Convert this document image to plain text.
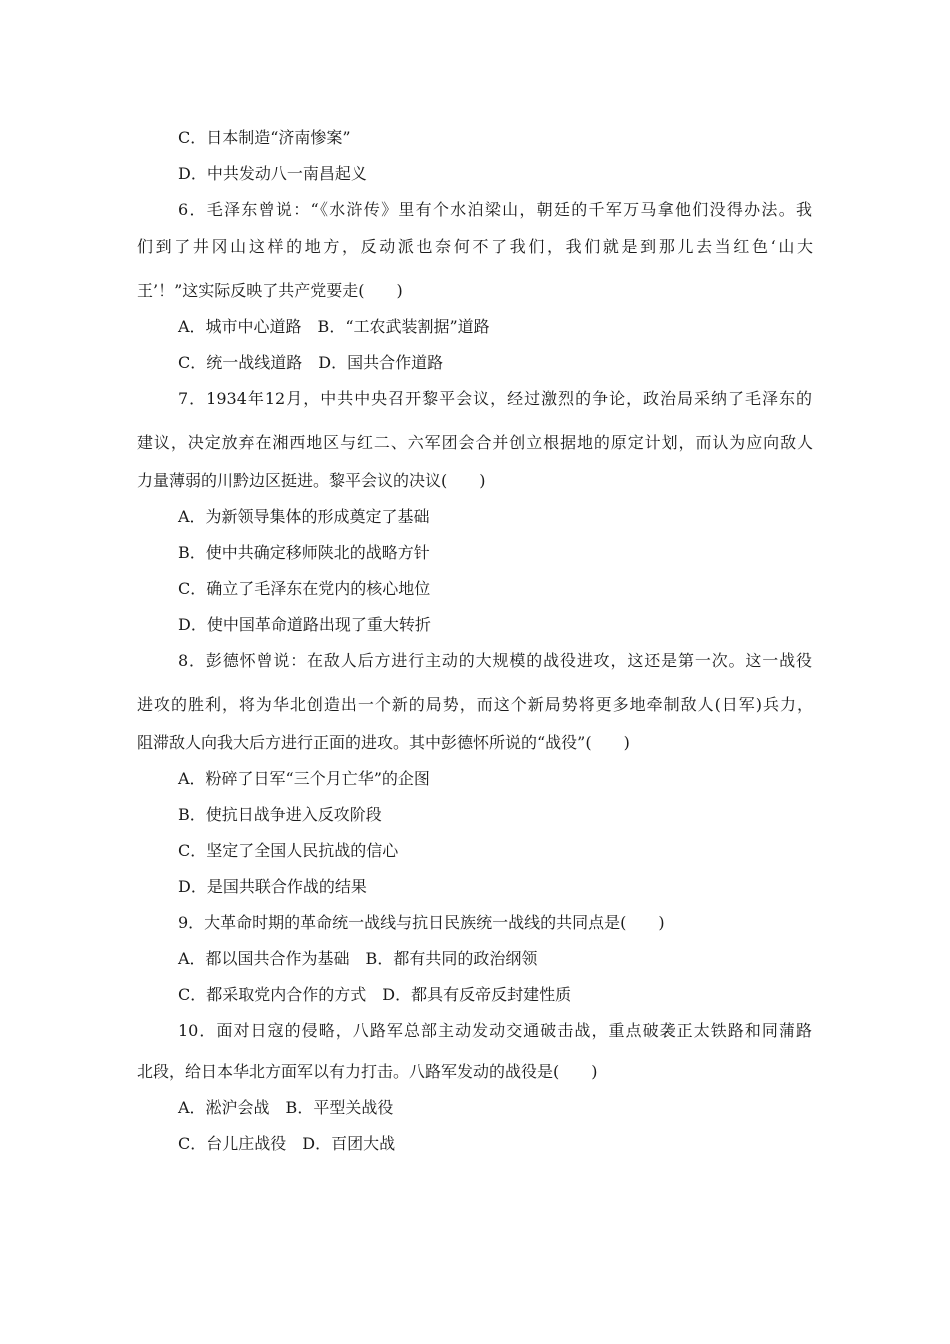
C．日本制造“济南惨案”
D．中共发动八一南昌起义
6．毛泽东曾说：“《水浒传》里有个水泊梁山，朝廷的千军万马拿他们没得办法。我
们到了井冈山这样的地方，反动派也奈何不了我们，我们就是到那儿去当红色‘山大
王’！”这实际反映了共产党要走(　　)
A．城市中心道路　B．“工农武装割据”道路
C．统一战线道路　D．国共合作道路
7．1934年12月，中共中央召开黎平会议，经过激烈的争论，政治局采纳了毛泽东的
建议，决定放弃在湘西地区与红二、六军团会合并创立根据地的原定计划，而认为应向敌人
力量薄弱的川黔边区挺进。黎平会议的决议(　　)
A．为新领导集体的形成奠定了基础
B．使中共确定移师陕北的战略方针
C．确立了毛泽东在党内的核心地位
D．使中国革命道路出现了重大转折
8．彭德怀曾说：在敌人后方进行主动的大规模的战役进攻，这还是第一次。这一战役
进攻的胜利，将为华北创造出一个新的局势，而这个新局势将更多地牵制敌人(日军)兵力，
阻滞敌人向我大后方进行正面的进攻。其中彭德怀所说的“战役”(　　)
A．粉碎了日军“三个月亡华”的企图
B．使抗日战争进入反攻阶段
C．坚定了全国人民抗战的信心
D．是国共联合作战的结果
9．大革命时期的革命统一战线与抗日民族统一战线的共同点是(　　)
A．都以国共合作为基础　B．都有共同的政治纲领
C．都采取党内合作的方式　D．都具有反帝反封建性质
10．面对日寇的侵略，八路军总部主动发动交通破击战，重点破袭正太铁路和同蒲路
北段，给日本华北方面军以有力打击。八路军发动的战役是(　　)
A．淞沪会战　B．平型关战役
C．台儿庄战役　D．百团大战
